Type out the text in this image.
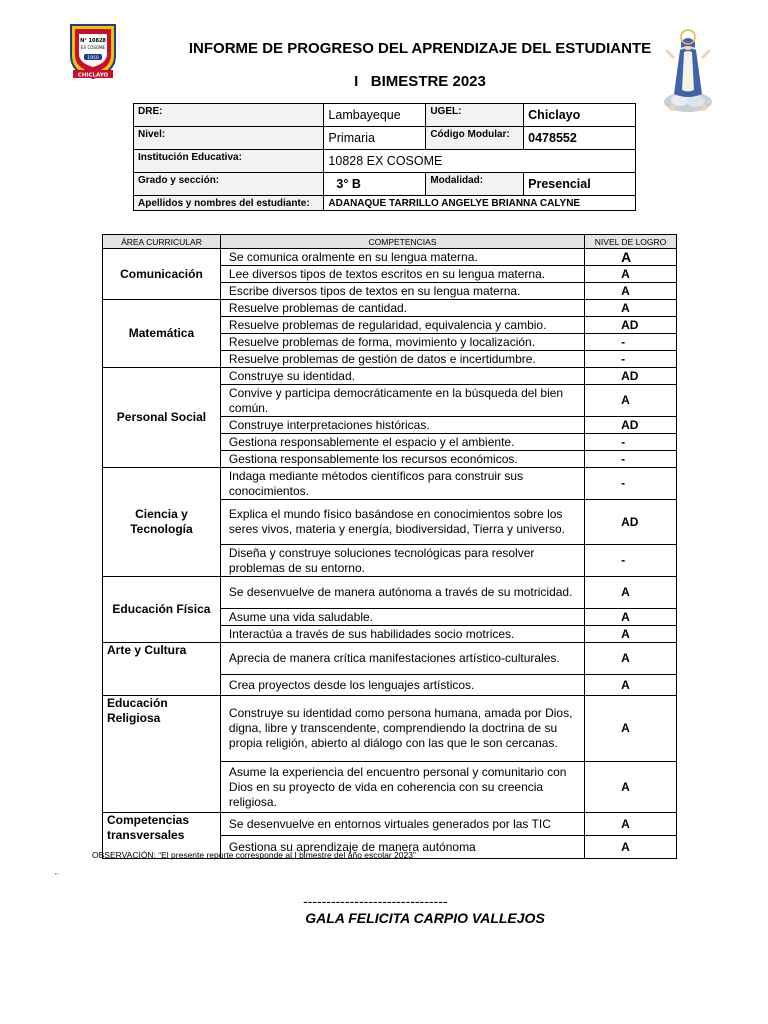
N° 10828
EX COSOME
1950
CHICLAYO
INFORME DE PROGRESO DEL APRENDIZAJE DEL ESTUDIANTE
I   BIMESTRE 2023
DRE:	Lambayeque	UGEL:	Chiclayo
Nivel:	Primaria	Código Modular:	0478552
Institución Educativa:	10828 EX COSOME		
Grado y sección:	3° B	Modalidad:	Presencial
Apellidos y nombres del estudiante:	ADANAQUE TARRILLO ANGELYE BRIANNA CALYNE		
ÁREA CURRICULAR	COMPETENCIAS	NIVEL DE LOGRO
Comunicación	Se comunica oralmente en su lengua materna.	A
	Lee diversos tipos de textos escritos en su lengua materna.	A
	Escribe diversos tipos de textos en su lengua materna.	A
Matemática	Resuelve problemas de cantidad.	A
	Resuelve problemas de regularidad, equivalencia y cambio.	AD
	Resuelve problemas de forma, movimiento y localización.	-
	Resuelve problemas de gestión de datos e incertidumbre.	-
Personal Social	Construye su identidad.	AD
	Convive y participa democráticamente en la búsqueda del bien común.	A
	Construye interpretaciones históricas.	AD
	Gestiona responsablemente el espacio y el ambiente.	-
	Gestiona responsablemente los recursos económicos.	-
Ciencia y Tecnología	Indaga mediante métodos científicos para construir sus conocimientos.	-
	Explica el mundo físico basándose en conocimientos sobre los seres vivos, materia y energía, biodiversidad, Tierra y universo.	AD
	Diseña y construye soluciones tecnológicas para resolver problemas de su entorno.	-
Educación Física	Se desenvuelve de manera autónoma a través de su motricidad.	A
	Asume una vida saludable.	A
	Interactúa a través de sus habilidades socio motrices.	A
Arte y Cultura	Aprecia de manera crítica manifestaciones artístico-culturales.	A
	Crea proyectos desde los lenguajes artísticos.	A
Educación Religiosa	Construye su identidad como persona humana, amada por Dios, digna, libre y transcendente, comprendiendo la doctrina de su propia religión, abierto al diálogo con las que le son cercanas.	A
	Asume la experiencia del encuentro personal y comunitario con Dios en su proyecto de vida en coherencia con su creencia religiosa.	A
Competencias transversales	Se desenvuelve en entornos virtuales generados por las TIC	A
	Gestiona su aprendizaje de manera autónoma	A
OBSERVACIÓN: “El presente reporte corresponde al I bimestre del año escolar 2023”
"
-------------------------------
GALA FELICITA CARPIO VALLEJOS
